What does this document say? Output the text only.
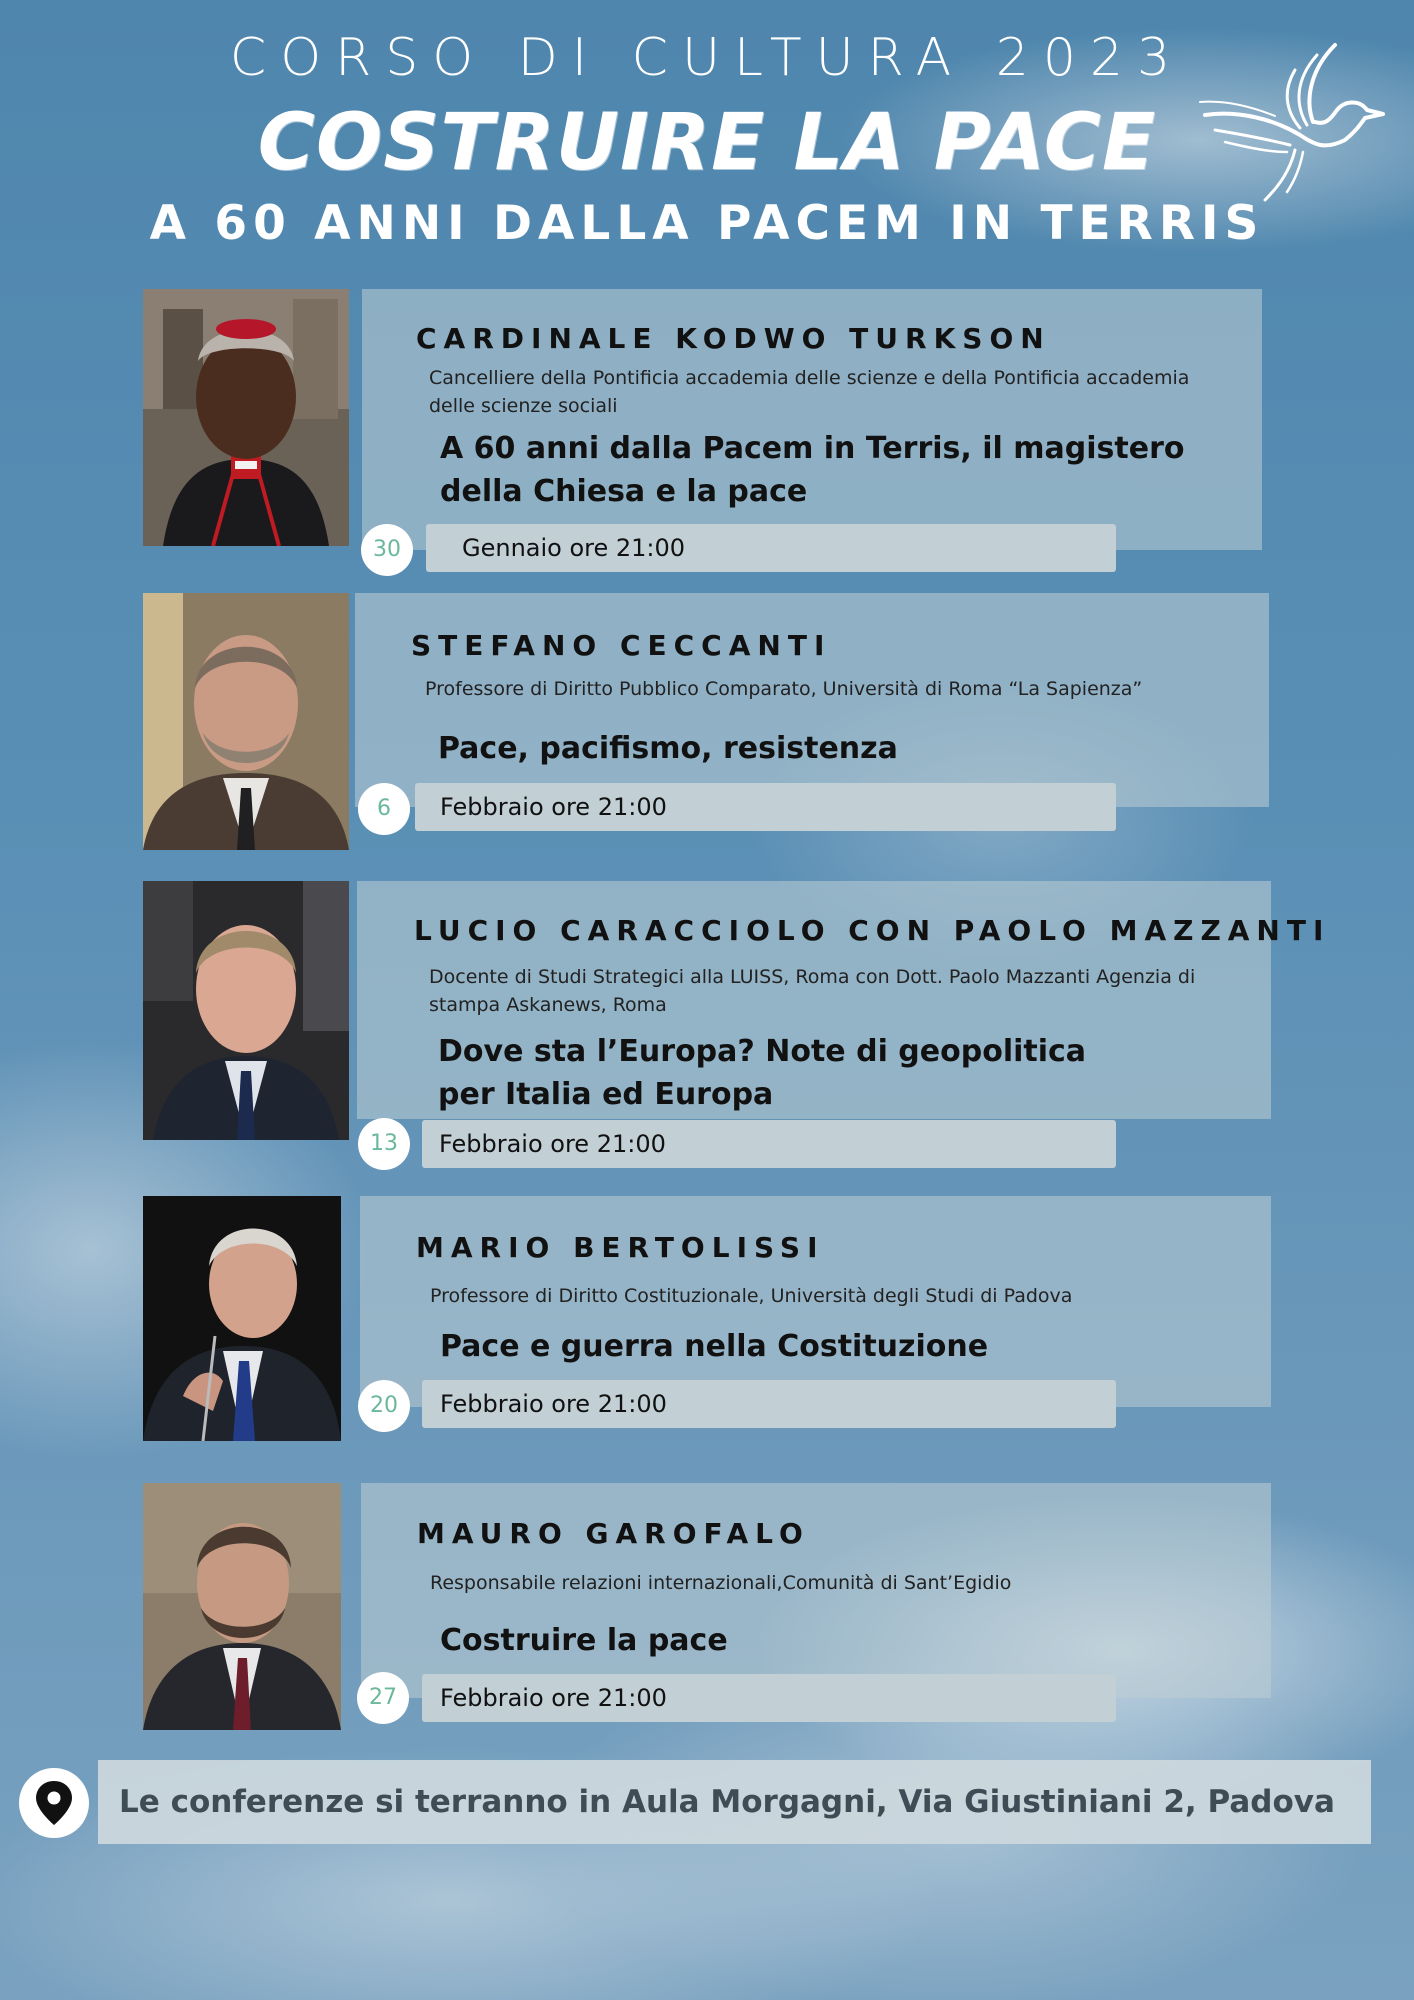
CORSO DI CULTURA 2023
COSTRUIRE LA PACE
A 60 ANNI DALLA PACEM IN TERRIS
CARDINALE KODWO TURKSON
Cancelliere della Pontificia accademia delle scienze e della Pontificia accademia delle scienze sociali
A 60 anni dalla Pacem in Terris, il magistero della Chiesa e la pace
Gennaio ore 21:00
30
STEFANO CECCANTI
Professore di Diritto Pubblico Comparato, Università di Roma “La Sapienza”
Pace, pacifismo, resistenza
Febbraio ore 21:00
6
LUCIO CARACCIOLO CON PAOLO MAZZANTI
Docente di Studi Strategici alla LUISS, Roma con Dott. Paolo Mazzanti Agenzia di stampa Askanews, Roma
Dove sta l’Europa? Note di geopolitica per Italia ed Europa
Febbraio ore 21:00
13
MARIO BERTOLISSI
Professore di Diritto Costituzionale, Università degli Studi di Padova
Pace e guerra nella Costituzione
Febbraio ore 21:00
20
MAURO GAROFALO
Responsabile relazioni internazionali,Comunità di Sant’Egidio
Costruire la pace
Febbraio ore 21:00
27
Le conferenze si terranno in Aula Morgagni, Via Giustiniani 2, Padova
